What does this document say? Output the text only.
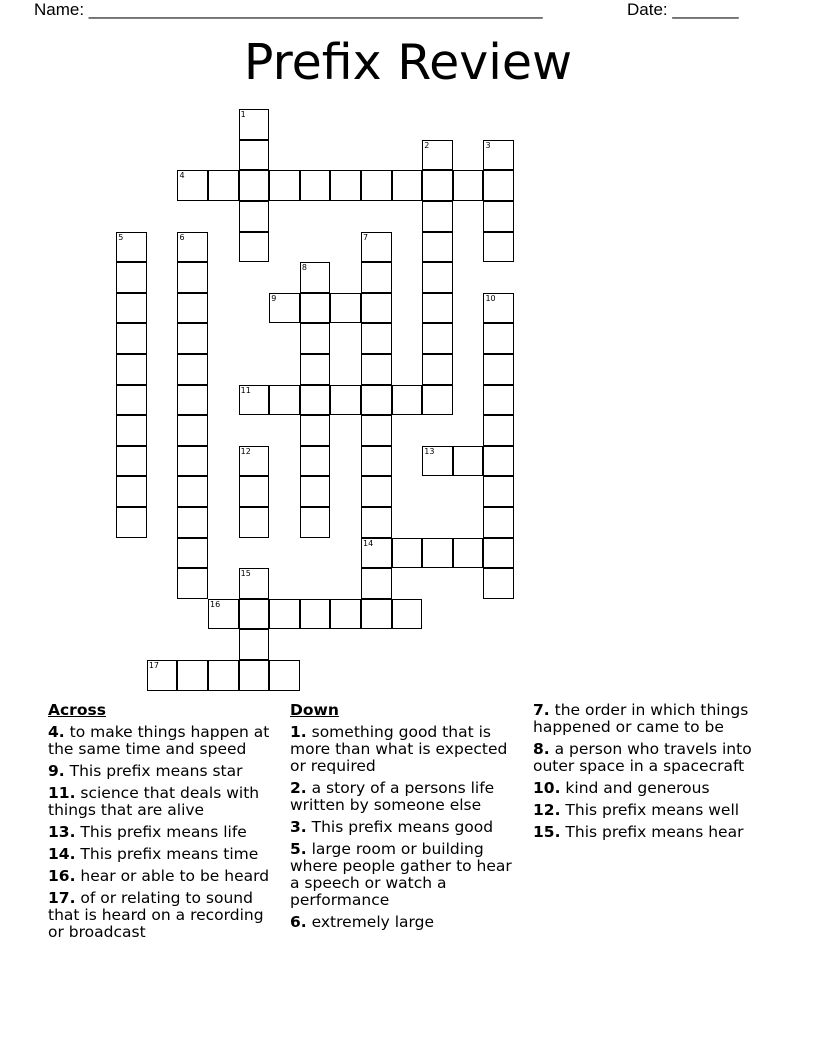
Name: ________________________________________________	Date: _______
Prefix Review
1
2	3
4
5	6	7
14
8
9	10
11
12	13
15
16
17
Across
4. to make things happen at the same time and speed
9. This prefix means star
11. science that deals with things that are alive
13. This prefix means life
14. This prefix means time
16. hear or able to be heard
17. of or relating to sound that is heard on a recording or broadcast
Down
1. something good that is more than what is expected or required
2. a story of a persons life written by someone else
3. This prefix means good
5. large room or building where people gather to hear a speech or watch a performance
6. extremely large
7. the order in which things happened or came to be
8. a person who travels into outer space in a spacecraft
10. kind and generous
12. This prefix means well
15. This prefix means hear
